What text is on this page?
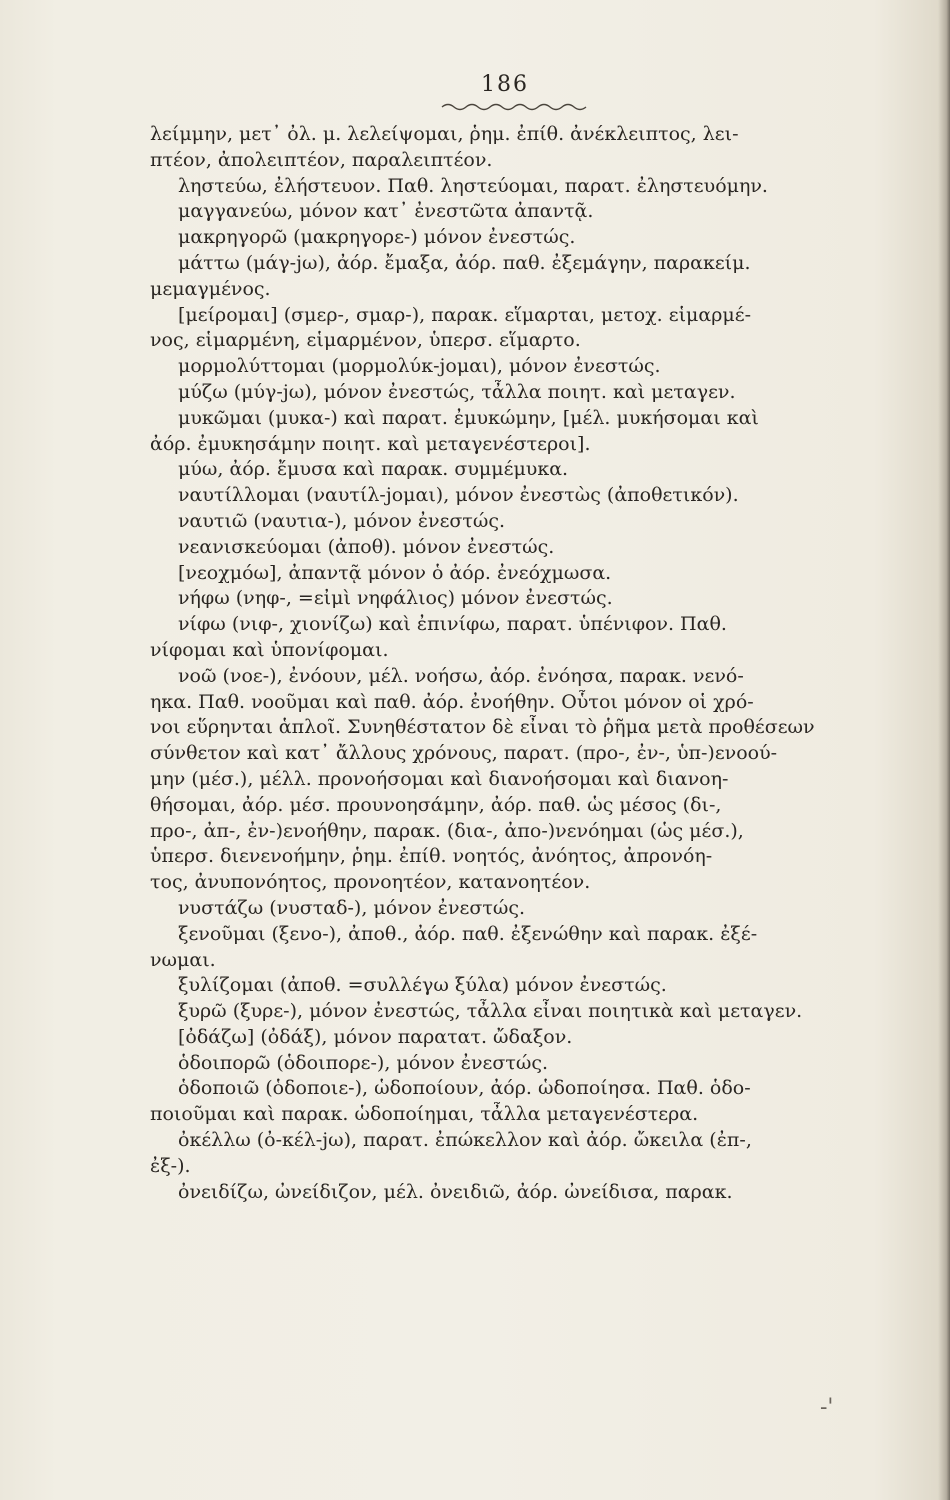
186
λείμμην, μετ᾽ ὀλ. μ. λελείψομαι, ῥημ. ἐπίθ. ἀνέκλειπτος, λει-
πτέον, ἀπολειπτέον, παραλειπτέον.
ληστεύω, ἐλήστευον. Παθ. ληστεύομαι, παρατ. ἐληστευόμην.
μαγγανεύω, μόνον κατ᾽ ἐνεστῶτα ἀπαντᾷ.
μακρηγορῶ (μακρηγορε-) μόνον ἐνεστώς.
μάττω (μάγ-jω), ἀόρ. ἔμαξα, ἀόρ. παθ. ἐξεμάγην, παρακείμ.
μεμαγμένος.
[μείρομαι] (σμερ-, σμαρ-), παρακ. εἵμαρται, μετοχ. εἱμαρμέ-
νος, εἱμαρμένη, εἱμαρμένον, ὑπερσ. εἵμαρτο.
μορμολύττομαι (μορμολύκ-jομαι), μόνον ἐνεστώς.
μύζω (μύγ-jω), μόνον ἐνεστώς, τἆλλα ποιητ. καὶ μεταγεν.
μυκῶμαι (μυκα-) καὶ παρατ. ἐμυκώμην, [μέλ. μυκήσομαι καὶ
ἀόρ. ἐμυκησάμην ποιητ. καὶ μεταγενέστεροι].
μύω, ἀόρ. ἔμυσα καὶ παρακ. συμμέμυκα.
ναυτίλλομαι (ναυτίλ-jομαι), μόνον ἐνεστὼς (ἀποθετικόν).
ναυτιῶ (ναυτια-), μόνον ἐνεστώς.
νεανισκεύομαι (ἀποθ). μόνον ἐνεστώς.
[νεοχμόω], ἀπαντᾷ μόνον ὁ ἀόρ. ἐνεόχμωσα.
νήφω (νηφ-, =εἰμὶ νηφάλιος) μόνον ἐνεστώς.
νίφω (νιφ-, χιονίζω) καὶ ἐπινίφω, παρατ. ὑπένιφον. Παθ.
νίφομαι καὶ ὑπονίφομαι.
νοῶ (νοε-), ἐνόουν, μέλ. νοήσω, ἀόρ. ἐνόησα, παρακ. νενό-
ηκα. Παθ. νοοῦμαι καὶ παθ. ἀόρ. ἐνοήθην. Οὗτοι μόνον οἱ χρό-
νοι εὕρηνται ἁπλοῖ. Συνηθέστατον δὲ εἶναι τὸ ῥῆμα μετὰ προθέσεων
σύνθετον καὶ κατ᾽ ἄλλους χρόνους, παρατ. (προ-, ἐν-, ὑπ-)ενοού-
μην (μέσ.), μέλλ. προνοήσομαι καὶ διανοήσομαι καὶ διανοη-
θήσομαι, ἀόρ. μέσ. προυνοησάμην, ἀόρ. παθ. ὡς μέσος (δι-,
προ-, ἀπ-, ἐν-)ενοήθην, παρακ. (δια-, ἀπο-)νενόημαι (ὡς μέσ.),
ὑπερσ. διενενοήμην, ῥημ. ἐπίθ. νοητός, ἀνόητος, ἀπρονόη-
τος, ἀνυπονόητος, προνοητέον, κατανοητέον.
νυστάζω (νυσταδ-), μόνον ἐνεστώς.
ξενοῦμαι (ξενο-), ἀποθ., ἀόρ. παθ. ἐξενώθην καὶ παρακ. ἐξέ-
νωμαι.
ξυλίζομαι (ἀποθ. =συλλέγω ξύλα) μόνον ἐνεστώς.
ξυρῶ (ξυρε-), μόνον ἐνεστώς, τἆλλα εἶναι ποιητικὰ καὶ μεταγεν.
[ὀδάζω] (ὀδάξ), μόνον παρατατ. ὤδαξον.
ὁδοιπορῶ (ὁδοιπορε-), μόνον ἐνεστώς.
ὁδοποιῶ (ὁδοποιε-), ὡδοποίουν, ἀόρ. ὡδοποίησα. Παθ. ὁδο-
ποιοῦμαι καὶ παρακ. ὡδοποίημαι, τἆλλα μεταγενέστερα.
ὀκέλλω (ὀ-κέλ-jω), παρατ. ἐπώκελλον καὶ ἀόρ. ὤκειλα (ἐπ-,
ἐξ-).
ὀνειδίζω, ὠνείδιζον, μέλ. ὀνειδιῶ, ἀόρ. ὠνείδισα, παρακ.
-'
